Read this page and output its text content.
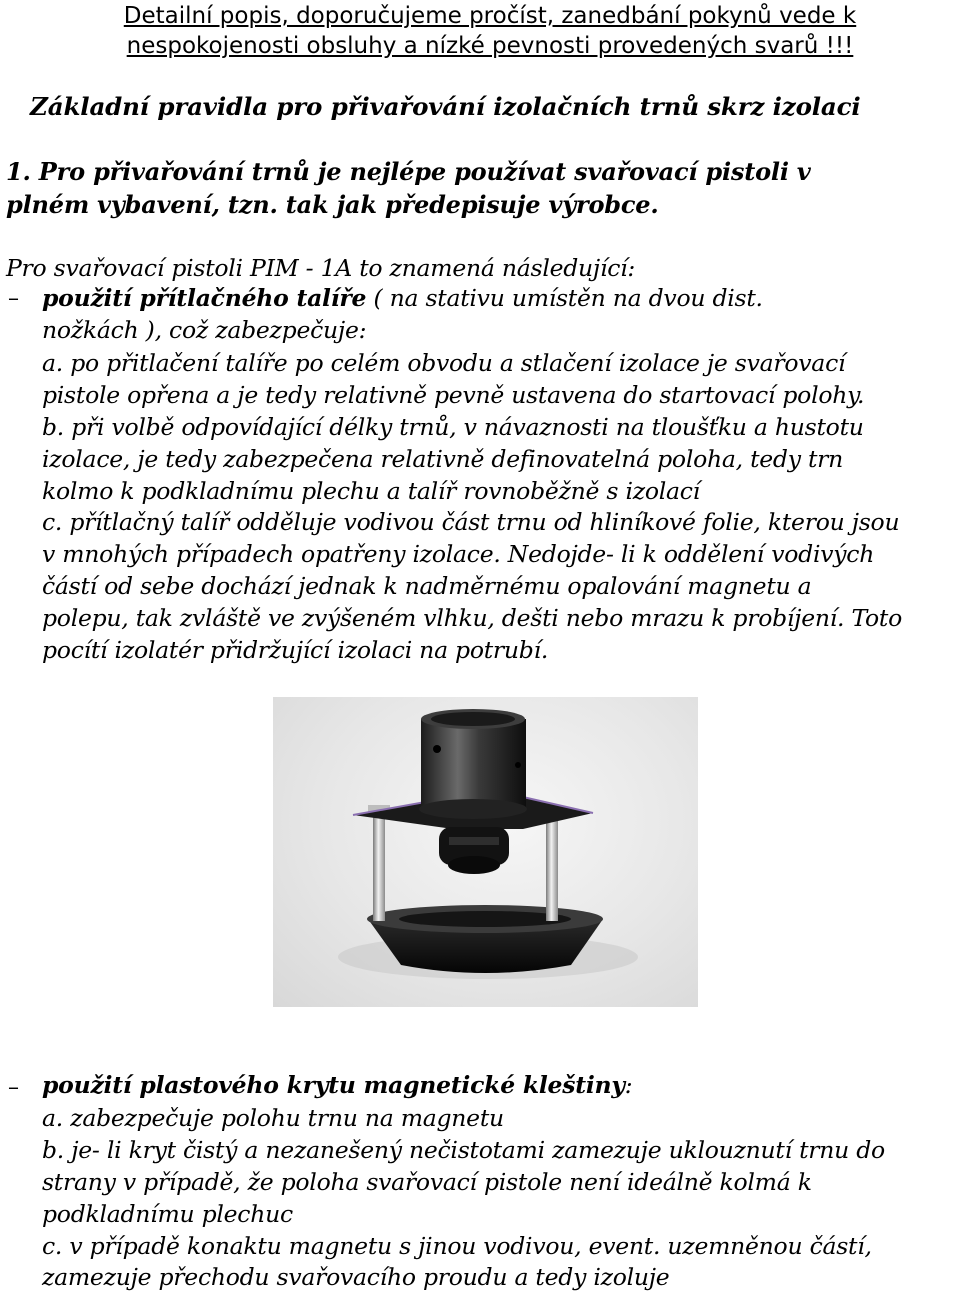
Detailní popis, doporučujeme pročíst, zanedbání pokynů vede k
nespokojenosti obsluhy a nízké pevnosti provedených svarů !!!
Základní pravidla pro přivařování izolačních trnů skrz izolaci
1. Pro přivařování trnů je nejlépe používat svařovací pistoli v
plném vybavení, tzn. tak jak předepisuje výrobce.
Pro svařovací pistoli PIM - 1A to znamená následující:
– použití přítlačného talíře ( na stativu umístěn na dvou dist.
nožkách ), což zabezpečuje:
a. po přitlačení talíře po celém obvodu a stlačení izolace je svařovací
pistole opřena a je tedy relativně pevně ustavena do startovací polohy.
b. při volbě odpovídající délky trnů, v návaznosti na tloušťku a hustotu
izolace, je tedy zabezpečena relativně definovatelná poloha, tedy trn
kolmo k podkladnímu plechu a talíř rovnoběžně s izolací
c. přítlačný talíř odděluje vodivou část trnu od hliníkové folie, kterou jsou
v mnohých případech opatřeny izolace. Nedojde- li k oddělení vodivých
částí od sebe dochází jednak k nadměrnému opalování magnetu a
polepu, tak zvláště ve zvýšeném vlhku, dešti nebo mrazu k probíjení. Toto
pocítí izolatér přidržující izolaci na potrubí.
– použití plastového krytu magnetické kleštiny:
a. zabezpečuje polohu trnu na magnetu
b. je- li kryt čistý a nezanešený nečistotami zamezuje uklouznutí trnu do
strany v případě, že poloha svařovací pistole není ideálně kolmá k
podkladnímu plechuc
c. v případě konaktu magnetu s jinou vodivou, event. uzemněnou částí,
zamezuje přechodu svařovacího proudu a tedy izoluje
